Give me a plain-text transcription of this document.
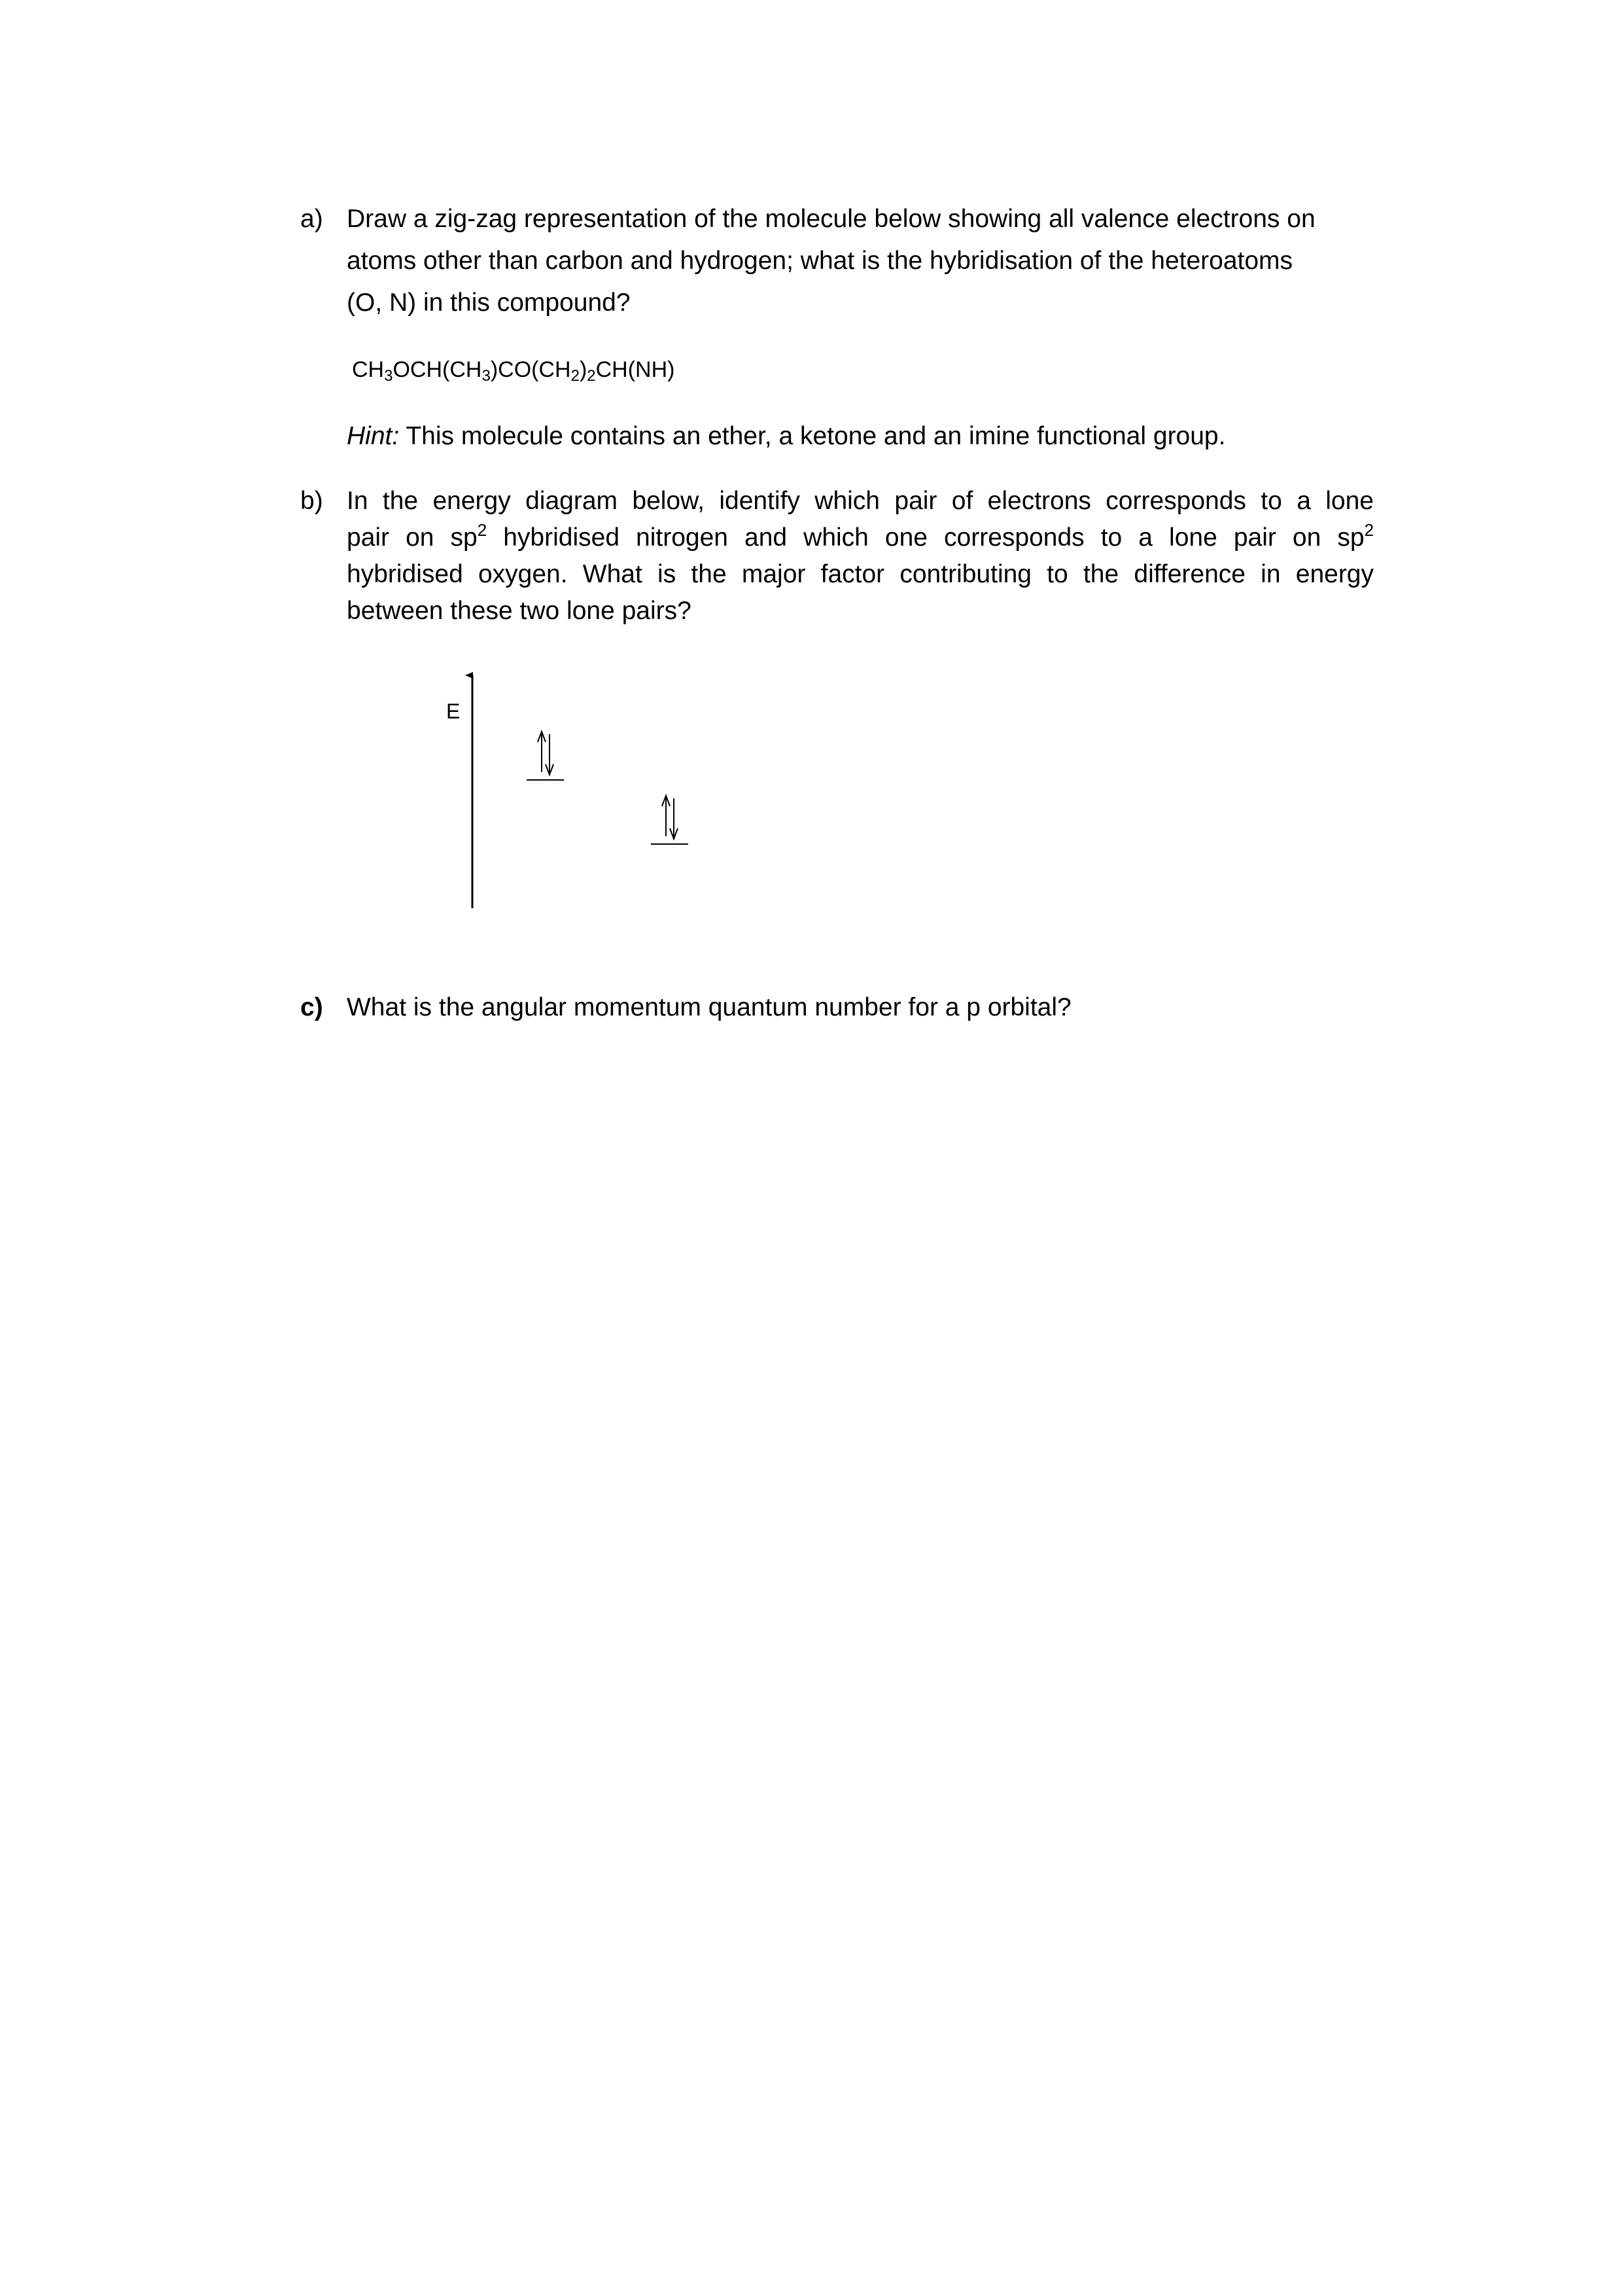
a) Draw a zig-zag representation of the molecule below showing all valence electrons on
atoms other than carbon and hydrogen; what is the hybridisation of the heteroatoms
(O, N) in this compound?
$CH_3OCH(CH_3)CO(CH_2)_2CH(NH)$
Hint: This molecule contains an ether, a ketone and an imine functional group.
b) In the energy diagram below, identify which pair of electrons corresponds to a lone
pair on $sp^2$ hybridised nitrogen and which one corresponds to a lone pair on $sp^2$
hybridised oxygen. What is the major factor contributing to the difference in energy
between these two lone pairs?
E
c) What is the angular momentum quantum number for a p orbital?
